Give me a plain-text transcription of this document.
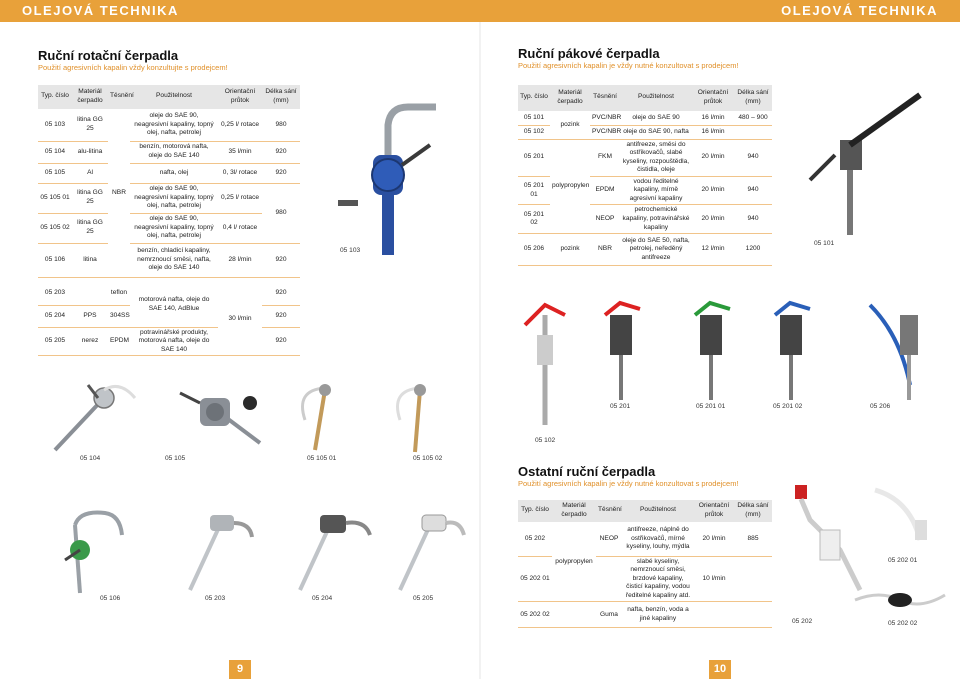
OLEJOVÁ TECHNIKA	OLEJOVÁ TECHNIKA
Ruční rotační čerpadla
Použití agresivních kapalin vždy konzultujte s prodejcem!
Typ. číslo	Materiál čerpadlo	Těsnění	Použitelnost	Orientační průtok	Délka sání (mm)
05 103	litina GG 25	NBR	oleje do SAE 90, neagresivní kapaliny, topný olej, nafta, petrolej	0,25 l/ rotace	980
05 104	alu-litina		benzín, motorová nafta, oleje do SAE 140	35 l/min	920
05 105	Al		nafta, olej	0, 3l/ rotace	920
05 105 01	litina GG 25		oleje do SAE 90, neagresivní kapaliny, topný olej, nafta, petrolej	0,25 l/ rotace	980
05 105 02	litina GG 25		oleje do SAE 90, neagresivní kapaliny, topný olej, nafta, petrolej	0,4 l/ rotace	
05 106	litina		benzín, chladicí kapaliny, nemrznoucí směsi, nafta, oleje do SAE 140	28 l/min	920

05 203		teflon	motorová nafta, oleje do SAE 140, AdBlue	30 l/min	920
05 204	PPS	304SS			920
05 205	nerez	EPDM	potravinářské produkty, motorová nafta, oleje do SAE 140		920
05 103
05 104	05 105	05 105 01	05 105 02
05 106	05 203	05 204	05 205
9
Ruční pákové čerpadla
Použití agresivních kapalin je vždy nutné konzultovat s prodejcem!
Typ. číslo	Materiál čerpadlo	Těsnění	Použitelnost	Orientační průtok	Délka sání (mm)
05 101	pozink	PVC/NBR	oleje do SAE 90	16 l/min	480 – 900
05 102		PVC/NBR	oleje do SAE 90, nafta	16 l/min	
05 201	polypropylen	FKM	antifreeze, směsi do ostřikovačů, slabé kyseliny, rozpouštědla, čistidla, oleje	20 l/min	940
05 201 01		EPDM	vodou ředitelné kapaliny, mírně agresivní kapaliny	20 l/min	940
05 201 02		NEOP	petrochemické kapaliny, potravinářské kapaliny	20 l/min	940
05 206	pozink	NBR	oleje do SAE 50, nafta, petrolej, neředěný antifreeze	12 l/min	1200
05 101
05 201	05 201 01	05 201 02	05 206
05 102
Ostatní ruční čerpadla
Použití agresivních kapalin je vždy nutné konzultovat s prodejcem!
Typ. číslo	Materiál čerpadlo	Těsnění	Použitelnost	Orientační průtok	Délka sání (mm)
05 202	polypropylen	NEOP	antifreeze, náplně do ostřikovačů, mírné kyseliny, louhy, mýdla	20 l/min	885
05 202 01			slabé kyseliny, nemrznoucí směsi, brzdové kapaliny, čisticí kapaliny, vodou ředitelné kapaliny atd.	10 l/min	
05 202 02		Guma	nafta, benzín, voda a jiné kapaliny			05 202
05 202 01
05 202 02
10
